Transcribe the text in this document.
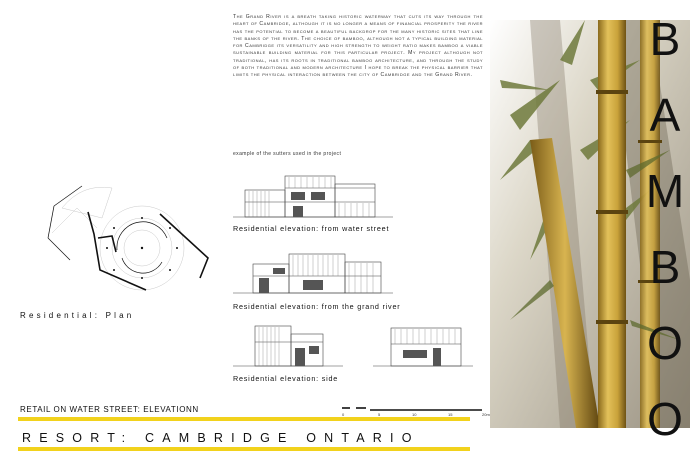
The Grand River is a breath taking historic waterway that cuts its way through the heart of Cambridge, although it is no longer a means of financial prosperity the river has the potential to become a beautiful backdrop for the many historic sites that line the banks of the river. The choice of bamboo, although not a typical building material for Cambridge its versatility and high strength to weight ratio makes bamboo a viable sustainable building material for this particular project. My project although not traditional, has its roots in traditional bamboo architecture, and through the study of both traditional and modern architecture I hope to break the physical barrier that limits the physical interaction between the city of Cambridge and the Grand River.
example of the sutters used in the project
Residential elevation: from water street
Residential elevation: from the grand river
Residential elevation: side
Residential: Plan
0	5	10	15	20m
RETAIL ON WATER STREET: ELEVATIONN
RESORT: CAMBRIDGE ONTARIO
B
A
M
B
O
O
